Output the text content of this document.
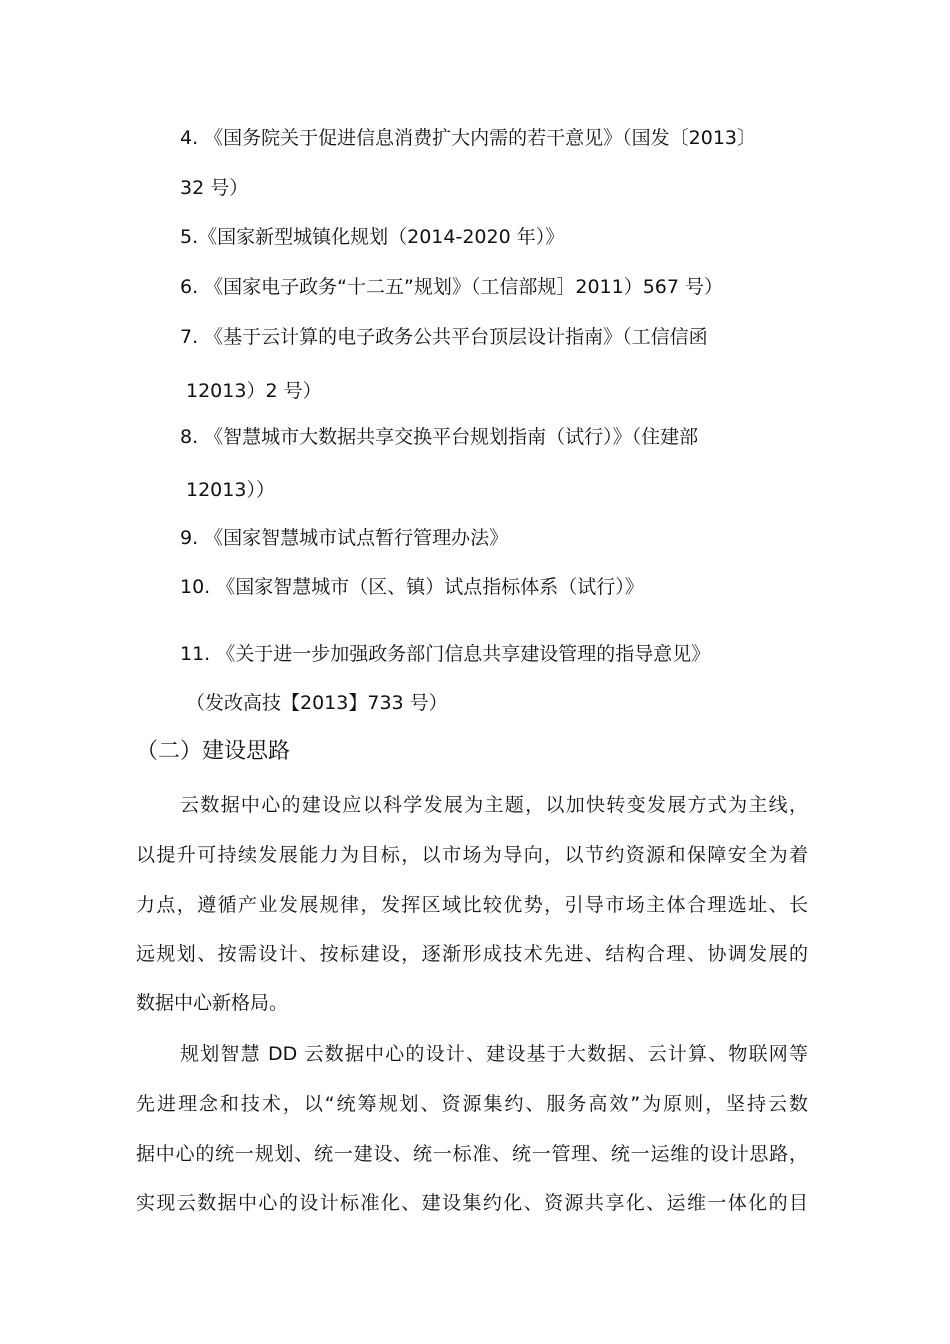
4. 《国务院关于促进信息消费扩大内需的若干意见》（国发〔2013〕
32 号）
5.《国家新型城镇化规划（2014-2020 年）》
6. 《国家电子政务“十二五”规划》（工信部规］2011）567 号）
7. 《基于云计算的电子政务公共平台顶层设计指南》（工信信函
12013）2 号）
8. 《智慧城市大数据共享交换平台规划指南（试行）》（住建部
12013））
9. 《国家智慧城市试点暂行管理办法》
10. 《国家智慧城市（区、镇）试点指标体系（试行）》
11. 《关于进一步加强政务部门信息共享建设管理的指导意见》
（发改高技【2013】733 号）
（二）建设思路
云数据中心的建设应以科学发展为主题，以加快转变发展方式为主线，
以提升可持续发展能力为目标，以市场为导向，以节约资源和保障安全为着
力点，遵循产业发展规律，发挥区域比较优势，引导市场主体合理选址、长
远规划、按需设计、按标建设，逐渐形成技术先进、结构合理、协调发展的
数据中心新格局。
规划智慧 DD 云数据中心的设计、建设基于大数据、云计算、物联网等
先进理念和技术，以“统筹规划、资源集约、服务高效”为原则，坚持云数
据中心的统一规划、统一建设、统一标准、统一管理、统一运维的设计思路，
实现云数据中心的设计标准化、建设集约化、资源共享化、运维一体化的目
